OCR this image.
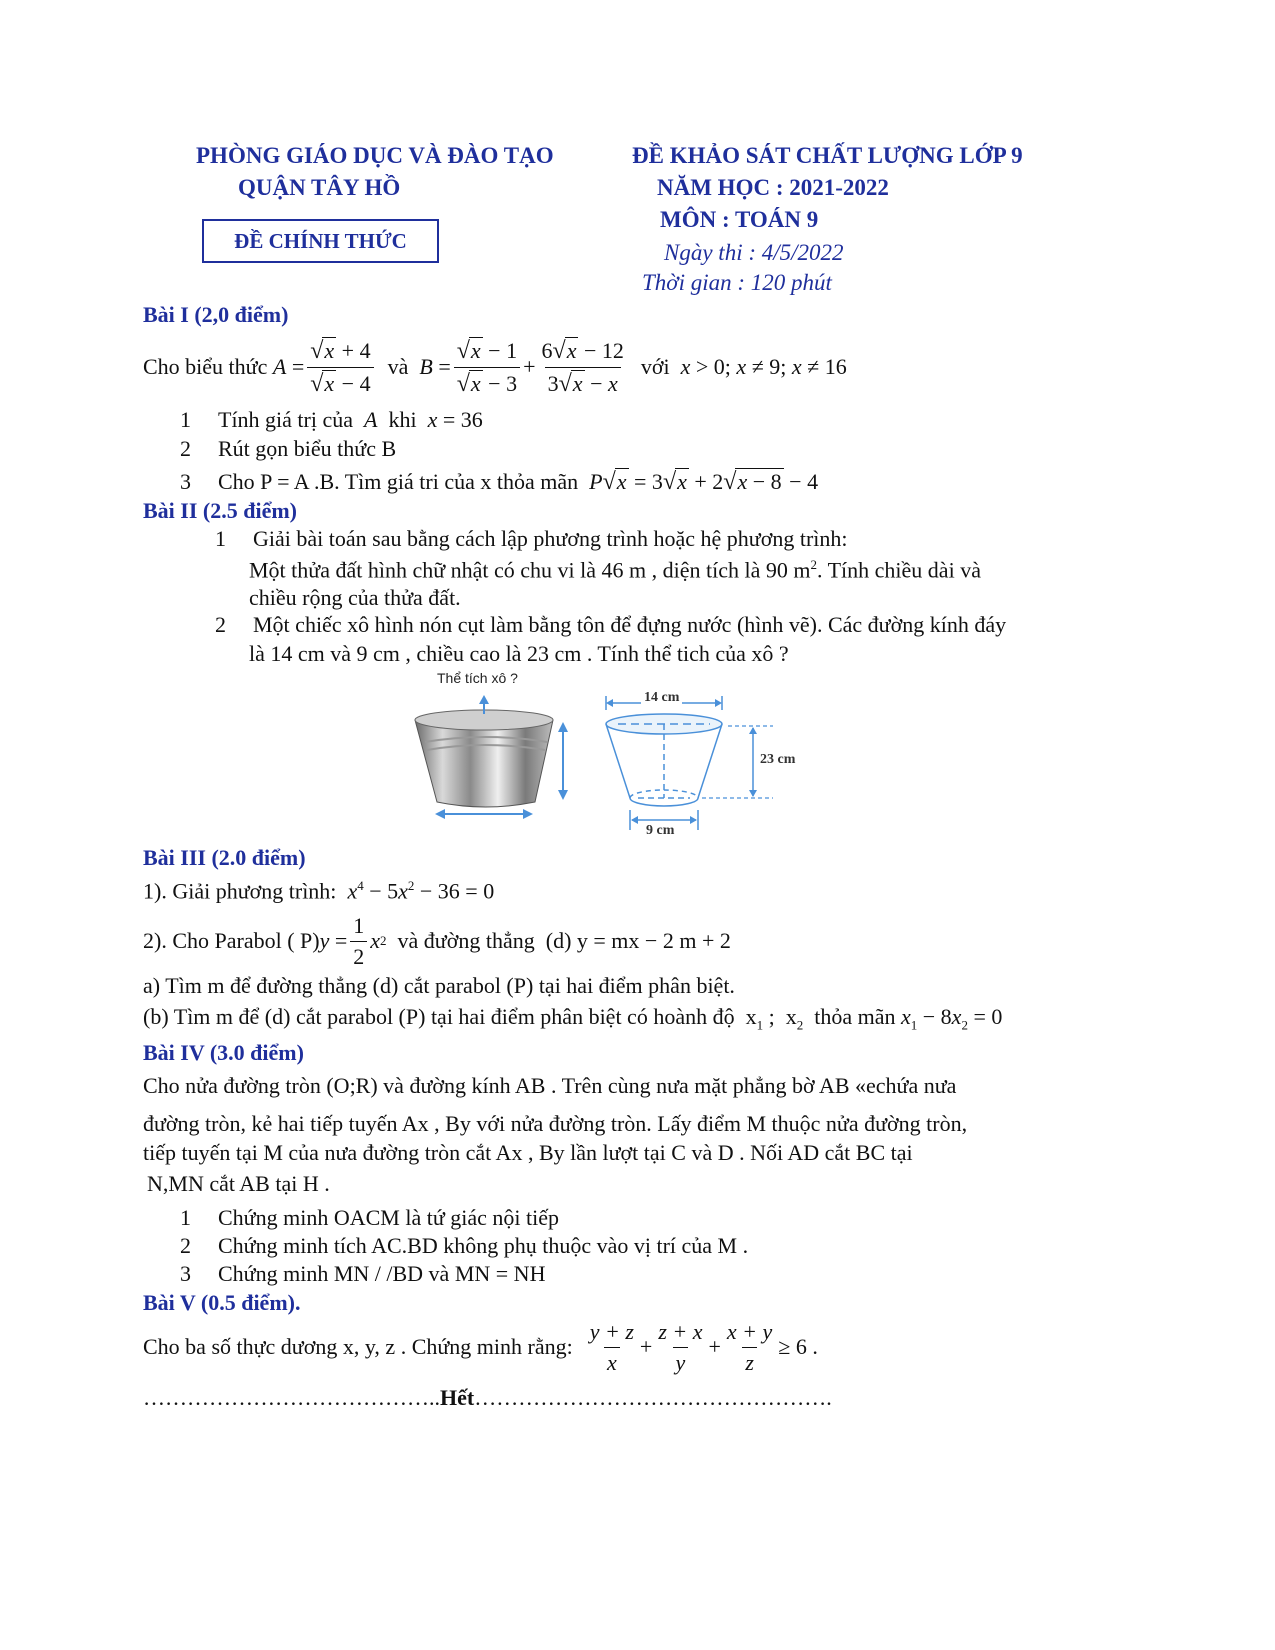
PHÒNG GIÁO DỤC VÀ ĐÀO TẠO
QUẬN TÂY HỒ
ĐỀ CHÍNH THỨC
ĐỀ KHẢO SÁT CHẤT LƯỢNG LỚP 9
NĂM HỌC : 2021-2022
MÔN : TOÁN 9
Ngày thi : 4/5/2022
Thời gian : 120 phút
Bài I (2,0 điểm)
Cho biểu thức
$A = \frac{√x + 4}{√x - 4}$
và
$B = \frac{√x - 1}{√x - 3} + \frac{6√x - 12}{3√x - x}$
với
x > 0; x ≠ 9; x ≠ 16
1 Tính giá trị của A khi x = 36
2 Rút gọn biểu thức B
3 Cho P = A .B. Tìm giá tri của x thỏa mãn P√x = 3√x + 2√x − 8 − 4
Bài II (2.5 điểm)
1 Giải bài toán sau bằng cách lập phương trình hoặc hệ phương trình:
Một thửa đất hình chữ nhật có chu vi là 46 m , diện tích là 90 $m^2$. Tính chiều dài và
chiều rộng của thửa đất.
2 Một chiếc xô hình nón cụt làm bằng tôn để đựng nước (hình vẽ). Các đường kính đáy
là 14 cm và 9 cm , chiều cao là 23 cm . Tính thể tich của xô ?
Thể tích xô ?
14 cm
23 cm
9 cm
Bài III (2.0 điểm)
1). Giải phương trình: $x^4 - 5x^2 - 36 = 0$
2). Cho Parabol ( P) $y = \frac{1}{2}$ x 2
và đường thẳng (d) y = mx − 2 m + 2
a) Tìm m để đường thẳng (d) cắt parabol (P) tại hai điểm phân biệt.
(b) Tìm m để (d) cắt parabol (P) tại hai điểm phân biệt có hoành độ  $x_1$ ;  $x_2$  thỏa mãn $x_1 - 8x_2 = 0$
Bài IV (3.0 điểm)
Cho nửa đường tròn (O;R) và đường kính AB . Trên cùng nưa mặt phẳng bờ AB «echứa nưa
đường tròn, kẻ hai tiếp tuyến Ax , By với nửa đường tròn. Lấy điểm M thuộc nửa đường tròn,
tiếp tuyến tại M của nưa đường tròn cắt Ax , By lần lượt tại C và D . Nối AD cắt BC tại
N,MN cắt AB tại H .
1 Chứng minh OACM là tứ giác nội tiếp
2 Chứng minh tích AC.BD không phụ thuộc vào vị trí của M .
3 Chứng minh MN / /BD và MN = NH
Bài V (0.5 điểm).
Cho ba số thực dương x, y, z . Chứng minh rằng:
$\frac{y + z}{x} + \frac{z + x}{y} + \frac{x + y}{z} \ge 6$ .
…………………………………..Hết………………………………………….
